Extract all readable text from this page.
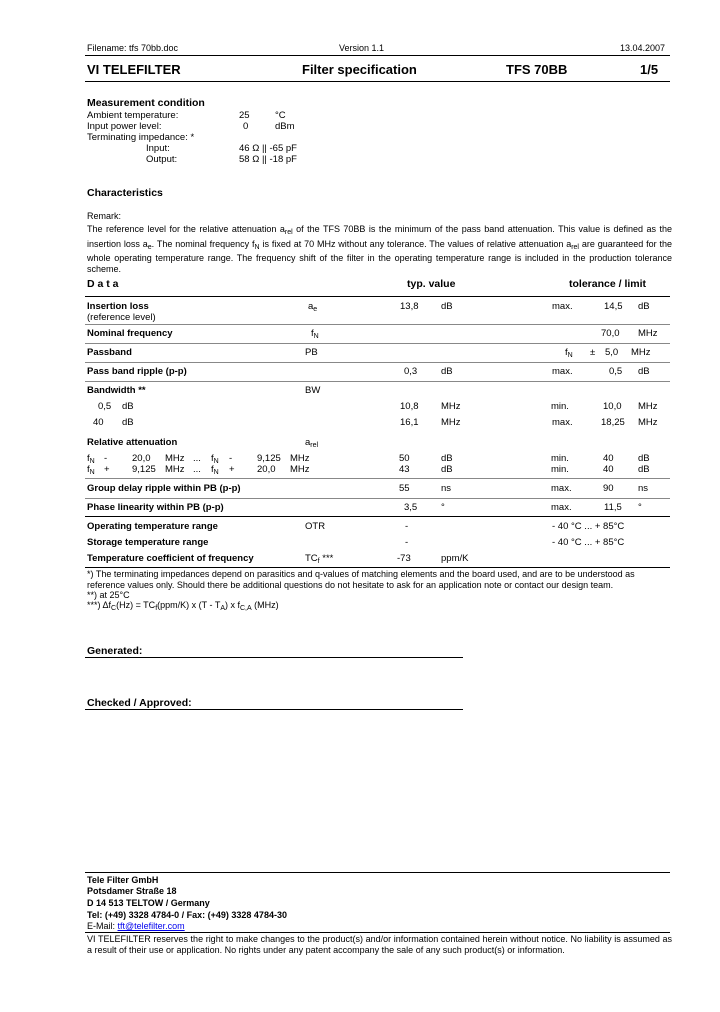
Filename: tfs 70bb.doc	Version 1.1	13.04.2007
VI TELEFILTER	Filter specification	TFS 70BB	1/5
Measurement condition
Ambient temperature:	25	°C
Input power level:	0	dBm
Terminating impedance: *
Input:	46 Ω || -65 pF
Output:	58 Ω || -18 pF
Characteristics
Remark:
The reference level for the relative attenuation $a_{rel}$ of the TFS 70BB is the minimum of the pass band attenuation. This value is defined as the insertion loss $a_e$. The nominal frequency $f_N$ is fixed at 70 MHz without any tolerance. The values of relative attenuation $a_{rel}$ are guaranteed for the whole operating temperature range. The frequency shift of the filter in the operating temperature range is included in the production tolerance scheme.
D a t a	typ. value	tolerance / limit
Insertion loss
(reference level)
$a_e$	13,8 dB	max.	14,5 dB
Nominal frequency	$f_N$	70,0 MHz
Passband	PB	$f_N \pm 5,0$ MHz
Pass band ripple (p-p)	0,3	dB	max.	0,5 dB
Bandwidth **	BW
0,5 dB	10,8 MHz	min.	10,0 MHz
40 dB	16,1 MHz	max.	18,25 MHz
Relative attenuation	$a_{rel}$
$f_N$ -	20,0 MHz ... $f_N$ -	9,125 MHz	50	dB	min.	40	dB
$f_N + 9,125$ MHz ... $f_N + 20,0$ MHz	43	dB	min.	40	dB
Group delay ripple within PB (p-p)	55	ns	max.	90	ns
Phase linearity within PB (p-p)	3,5	°	max.	11,5 °
Operating temperature range	OTR	-	- 40 °C ... + 85°C
Storage temperature range	-	- 40 °C ... + 85°C
Temperature coefficient of frequency	$TC_f$ ***	-73	ppm/K
*) The terminating impedances depend on parasitics and q-values of matching elements and the board used, and are to be understood as reference values only. Should there be additional questions do not hesitate to ask for an application note or contact our design team.
**) at 25°C
***) $\Delta f_C(Hz) = TC_f(ppm/K)$ x $(T - T_A)$ x $f_{C,A}$ (MHz)
Generated:
Checked / Approved:
Tele Filter GmbH
Potsdamer Straße 18
D 14 513 TELTOW / Germany
Tel: (+49) 3328 4784-0 / Fax: (+49) 3328 4784-30
E-Mail: tft@telefilter.com
VI TELEFILTER reserves the right to make changes to the product(s) and/or information contained herein without notice. No liability is assumed as a result of their use or application. No rights under any patent accompany the sale of any such product(s) or information.
